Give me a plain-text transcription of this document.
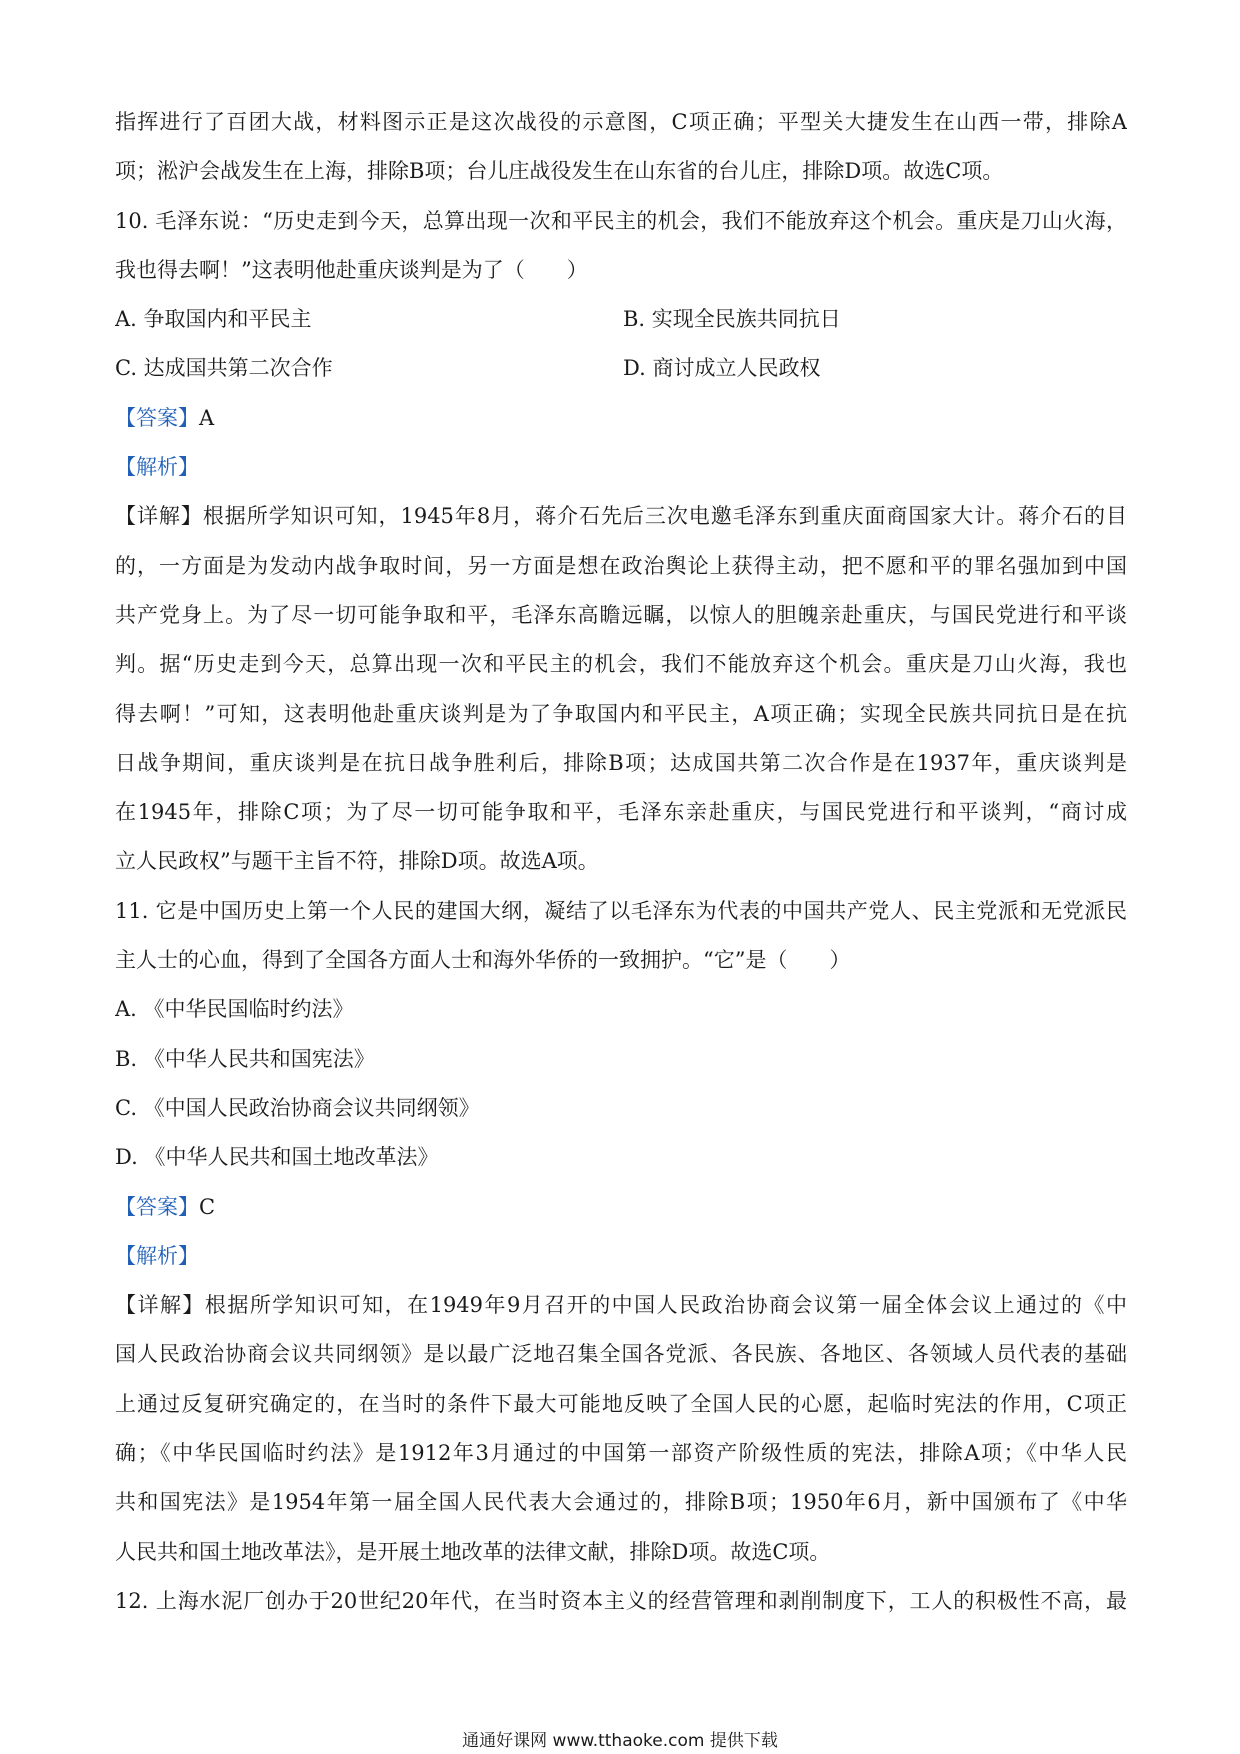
指挥进行了百团大战，材料图示正是这次战役的示意图，C项正确；平型关大捷发生在山西一带，排除A
项；淞沪会战发生在上海，排除B项；台儿庄战役发生在山东省的台儿庄，排除D项。故选C项。
10. 毛泽东说：“历史走到今天，总算出现一次和平民主的机会，我们不能放弃这个机会。重庆是刀山火海，
我也得去啊！”这表明他赴重庆谈判是为了（　　）
A. 争取国内和平民主	B. 实现全民族共同抗日
C. 达成国共第二次合作	D. 商讨成立人民政权
【答案】A
【解析】
【详解】根据所学知识可知，1945年8月，蒋介石先后三次电邀毛泽东到重庆面商国家大计。蒋介石的目
的，一方面是为发动内战争取时间，另一方面是想在政治舆论上获得主动，把不愿和平的罪名强加到中国
共产党身上。为了尽一切可能争取和平，毛泽东高瞻远瞩，以惊人的胆魄亲赴重庆，与国民党进行和平谈
判。据“历史走到今天，总算出现一次和平民主的机会，我们不能放弃这个机会。重庆是刀山火海，我也
得去啊！”可知，这表明他赴重庆谈判是为了争取国内和平民主，A项正确；实现全民族共同抗日是在抗
日战争期间，重庆谈判是在抗日战争胜利后，排除B项；达成国共第二次合作是在1937年，重庆谈判是
在1945年，排除C项；为了尽一切可能争取和平，毛泽东亲赴重庆，与国民党进行和平谈判，“商讨成
立人民政权”与题干主旨不符，排除D项。故选A项。
11. 它是中国历史上第一个人民的建国大纲，凝结了以毛泽东为代表的中国共产党人、民主党派和无党派民
主人士的心血，得到了全国各方面人士和海外华侨的一致拥护。“它”是（　　）
A. 《中华民国临时约法》
B. 《中华人民共和国宪法》
C. 《中国人民政治协商会议共同纲领》
D. 《中华人民共和国土地改革法》
【答案】C
【解析】
【详解】根据所学知识可知，在1949年9月召开的中国人民政治协商会议第一届全体会议上通过的《中
国人民政治协商会议共同纲领》是以最广泛地召集全国各党派、各民族、各地区、各领域人员代表的基础
上通过反复研究确定的，在当时的条件下最大可能地反映了全国人民的心愿，起临时宪法的作用，C项正
确；《中华民国临时约法》是1912年3月通过的中国第一部资产阶级性质的宪法，排除A项；《中华人民
共和国宪法》是1954年第一届全国人民代表大会通过的，排除B项；1950年6月，新中国颁布了《中华
人民共和国土地改革法》，是开展土地改革的法律文献，排除D项。故选C项。
12. 上海水泥厂创办于20世纪20年代，在当时资本主义的经营管理和剥削制度下，工人的积极性不高，最
通通好课网 www.tthaoke.com 提供下载
